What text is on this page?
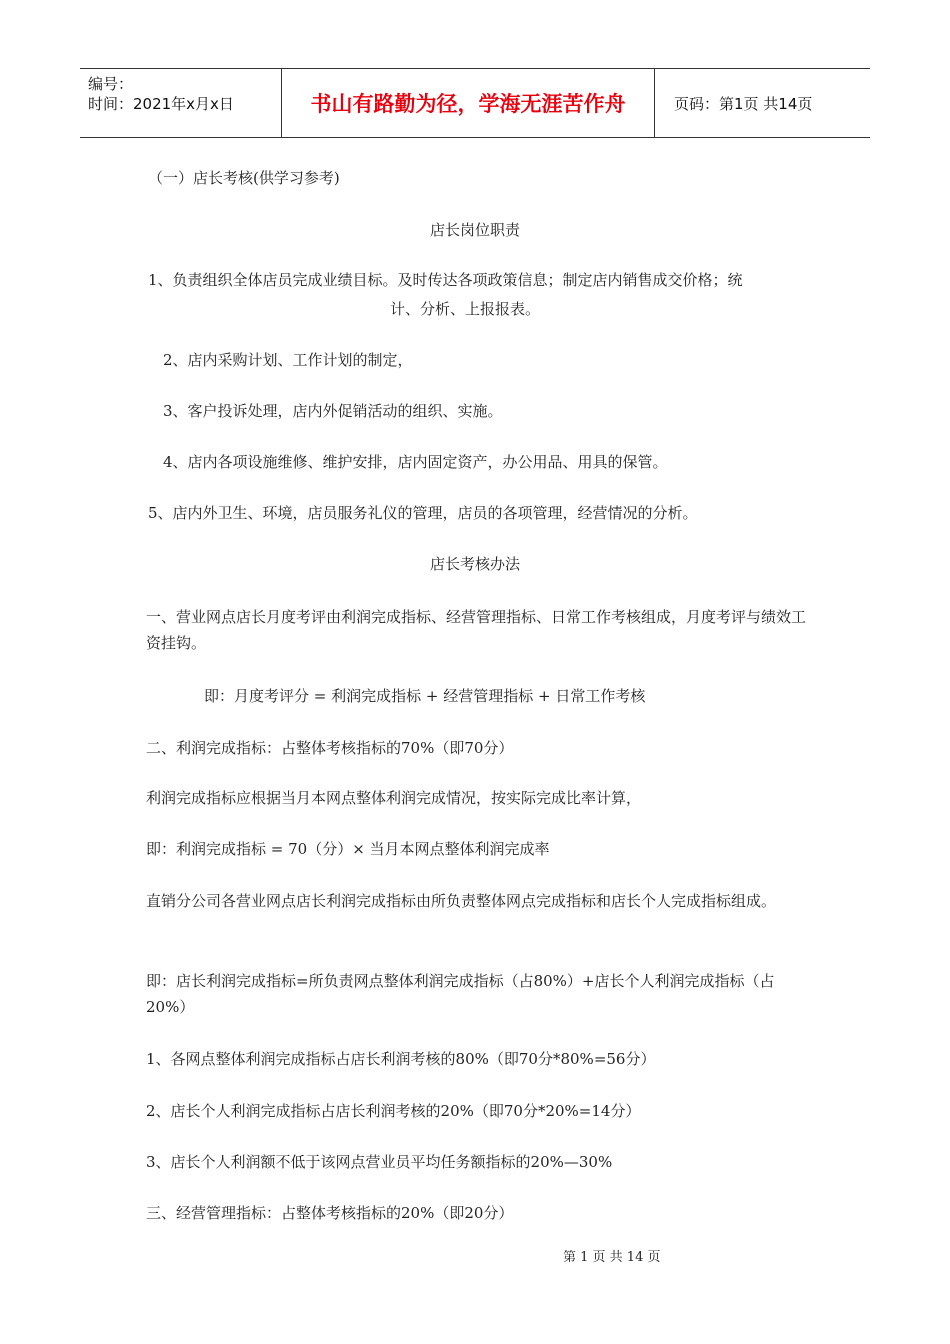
编号：
时间：2021年x月x日	书山有路勤为径，学海无涯苦作舟	页码：第1页 共14页
（一）店长考核(供学习参考)
店长岗位职责
1、负责组织全体店员完成业绩目标。及时传达各项政策信息；制定店内销售成交价格；统
计、分析、上报报表。
2、店内采购计划、工作计划的制定，
3、客户投诉处理，店内外促销活动的组织、实施。
4、店内各项设施维修、维护安排，店内固定资产，办公用品、用具的保管。
5、店内外卫生、环境，店员服务礼仪的管理，店员的各项管理，经营情况的分析。
店长考核办法
一、营业网点店长月度考评由利润完成指标、经营管理指标、日常工作考核组成，月度考评与绩效工资挂钩。
即：月度考评分 = 利润完成指标 + 经营管理指标 + 日常工作考核
二、利润完成指标：占整体考核指标的70%（即70分）
利润完成指标应根据当月本网点整体利润完成情况，按实际完成比率计算，
即：利润完成指标 = 70（分）× 当月本网点整体利润完成率
直销分公司各营业网点店长利润完成指标由所负责整体网点完成指标和店长个人完成指标组成。
即：店长利润完成指标=所负责网点整体利润完成指标（占80%）+店长个人利润完成指标（占20%）
1、各网点整体利润完成指标占店长利润考核的80%（即70分*80%=56分）
2、店长个人利润完成指标占店长利润考核的20%（即70分*20%=14分）
3、店长个人利润额不低于该网点营业员平均任务额指标的20%—30%
三、经营管理指标：占整体考核指标的20%（即20分）
第 1 页 共 14 页
